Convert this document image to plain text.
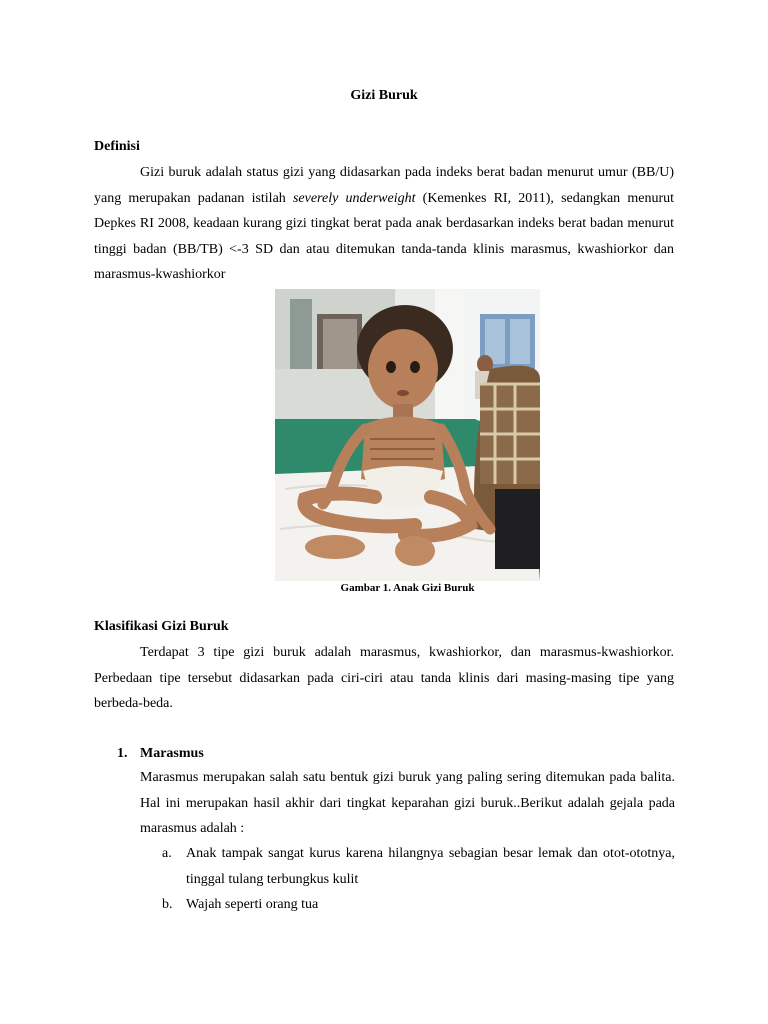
Gizi Buruk
Definisi
Gizi buruk adalah status gizi yang didasarkan pada indeks berat badan menurut umur (BB/U) yang merupakan padanan istilah severely underweight (Kemenkes RI, 2011), sedangkan menurut Depkes RI 2008, keadaan kurang gizi tingkat berat pada anak berdasarkan indeks berat badan menurut tinggi badan (BB/TB) <-3 SD dan atau ditemukan tanda-tanda klinis marasmus, kwashiorkor dan marasmus-kwashiorkor
Gambar 1. Anak Gizi Buruk
Klasifikasi Gizi Buruk
Terdapat 3 tipe gizi buruk adalah marasmus, kwashiorkor, dan marasmus-kwashiorkor. Perbedaan tipe tersebut didasarkan pada ciri-ciri atau tanda klinis dari masing-masing tipe yang berbeda-beda.
1. Marasmus
Marasmus merupakan salah satu bentuk gizi buruk yang paling sering ditemukan pada balita. Hal ini merupakan hasil akhir dari tingkat keparahan gizi buruk..Berikut adalah gejala pada marasmus adalah :
a. Anak tampak sangat kurus karena hilangnya sebagian besar lemak dan otot-ototnya, tinggal tulang terbungkus kulit
b. Wajah seperti orang tua
